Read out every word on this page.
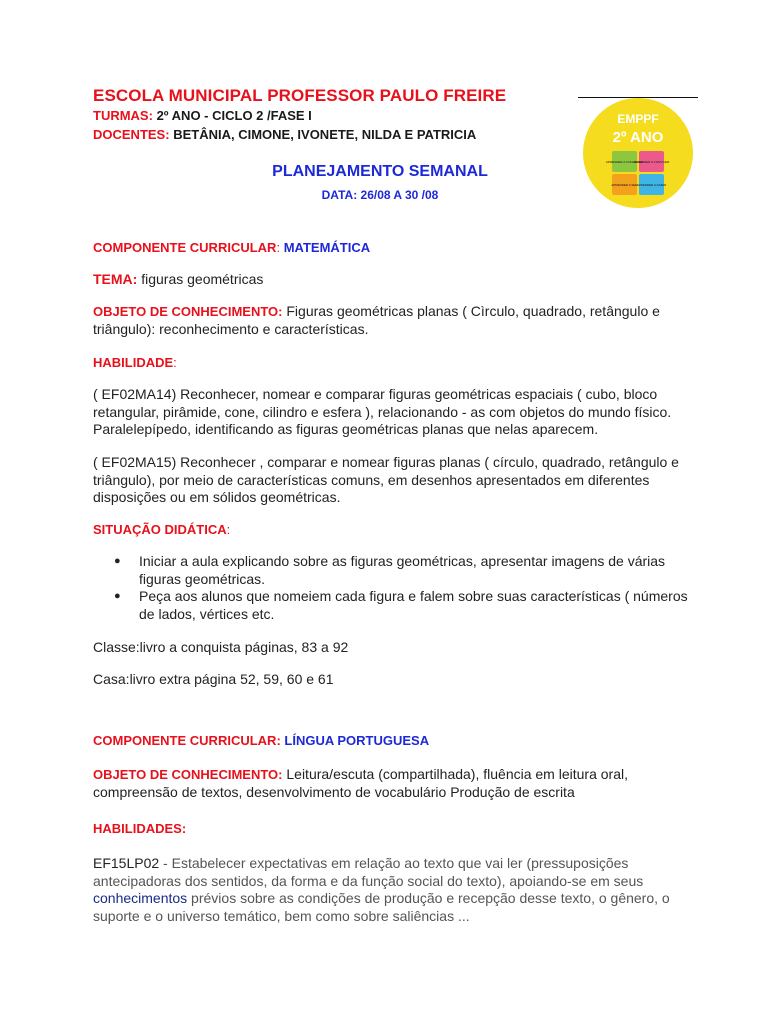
ESCOLA MUNICIPAL PROFESSOR PAULO FREIRE
TURMAS: 2º ANO - CICLO 2 /FASE I
DOCENTES: BETÂNIA, CIMONE, IVONETE, NILDA E PATRICIA
EMPPF
2º ANO
APRENDER A CONHECER
APRENDER A CONVIVER
APRENDER A SER APRENDER A FAZER
PLANEJAMENTO SEMANAL
DATA: 26/08 A 30 /08
COMPONENTE CURRICULAR: MATEMÁTICA
TEMA: figuras geométricas
OBJETO DE CONHECIMENTO: Figuras geométricas planas ( Cìrculo, quadrado, retângulo e triângulo): reconhecimento e características.
HABILIDADE:
( EF02MA14) Reconhecer, nomear e comparar figuras geométricas espaciais ( cubo, bloco retangular, pirâmide, cone, cilindro e esfera ), relacionando - as com objetos do mundo físico. Paralelepípedo, identificando as figuras geométricas planas que nelas aparecem.
( EF02MA15) Reconhecer , comparar e nomear figuras planas ( círculo, quadrado, retângulo e triângulo), por meio de características comuns, em desenhos apresentados em diferentes disposições ou em sólidos geométricas.
SITUAÇÃO DIDÁTICA:
● Iniciar a aula explicando sobre as figuras geométricas, apresentar imagens de várias figuras geométricas.
● Peça aos alunos que nomeiem cada figura e falem sobre suas características ( números de lados, vértices etc.
Classe:livro a conquista páginas, 83 a 92
Casa:livro extra página 52, 59, 60 e 61
COMPONENTE CURRICULAR: LÍNGUA PORTUGUESA
OBJETO DE CONHECIMENTO: Leitura/escuta (compartilhada), fluência em leitura oral, compreensão de textos, desenvolvimento de vocabulário Produção de escrita
HABILIDADES:
EF15LP02 - Estabelecer expectativas em relação ao texto que vai ler (pressuposições antecipadoras dos sentidos, da forma e da função social do texto), apoiando-se em seus conhecimentos prévios sobre as condições de produção e recepção desse texto, o gênero, o suporte e o universo temático, bem como sobre saliências ...
